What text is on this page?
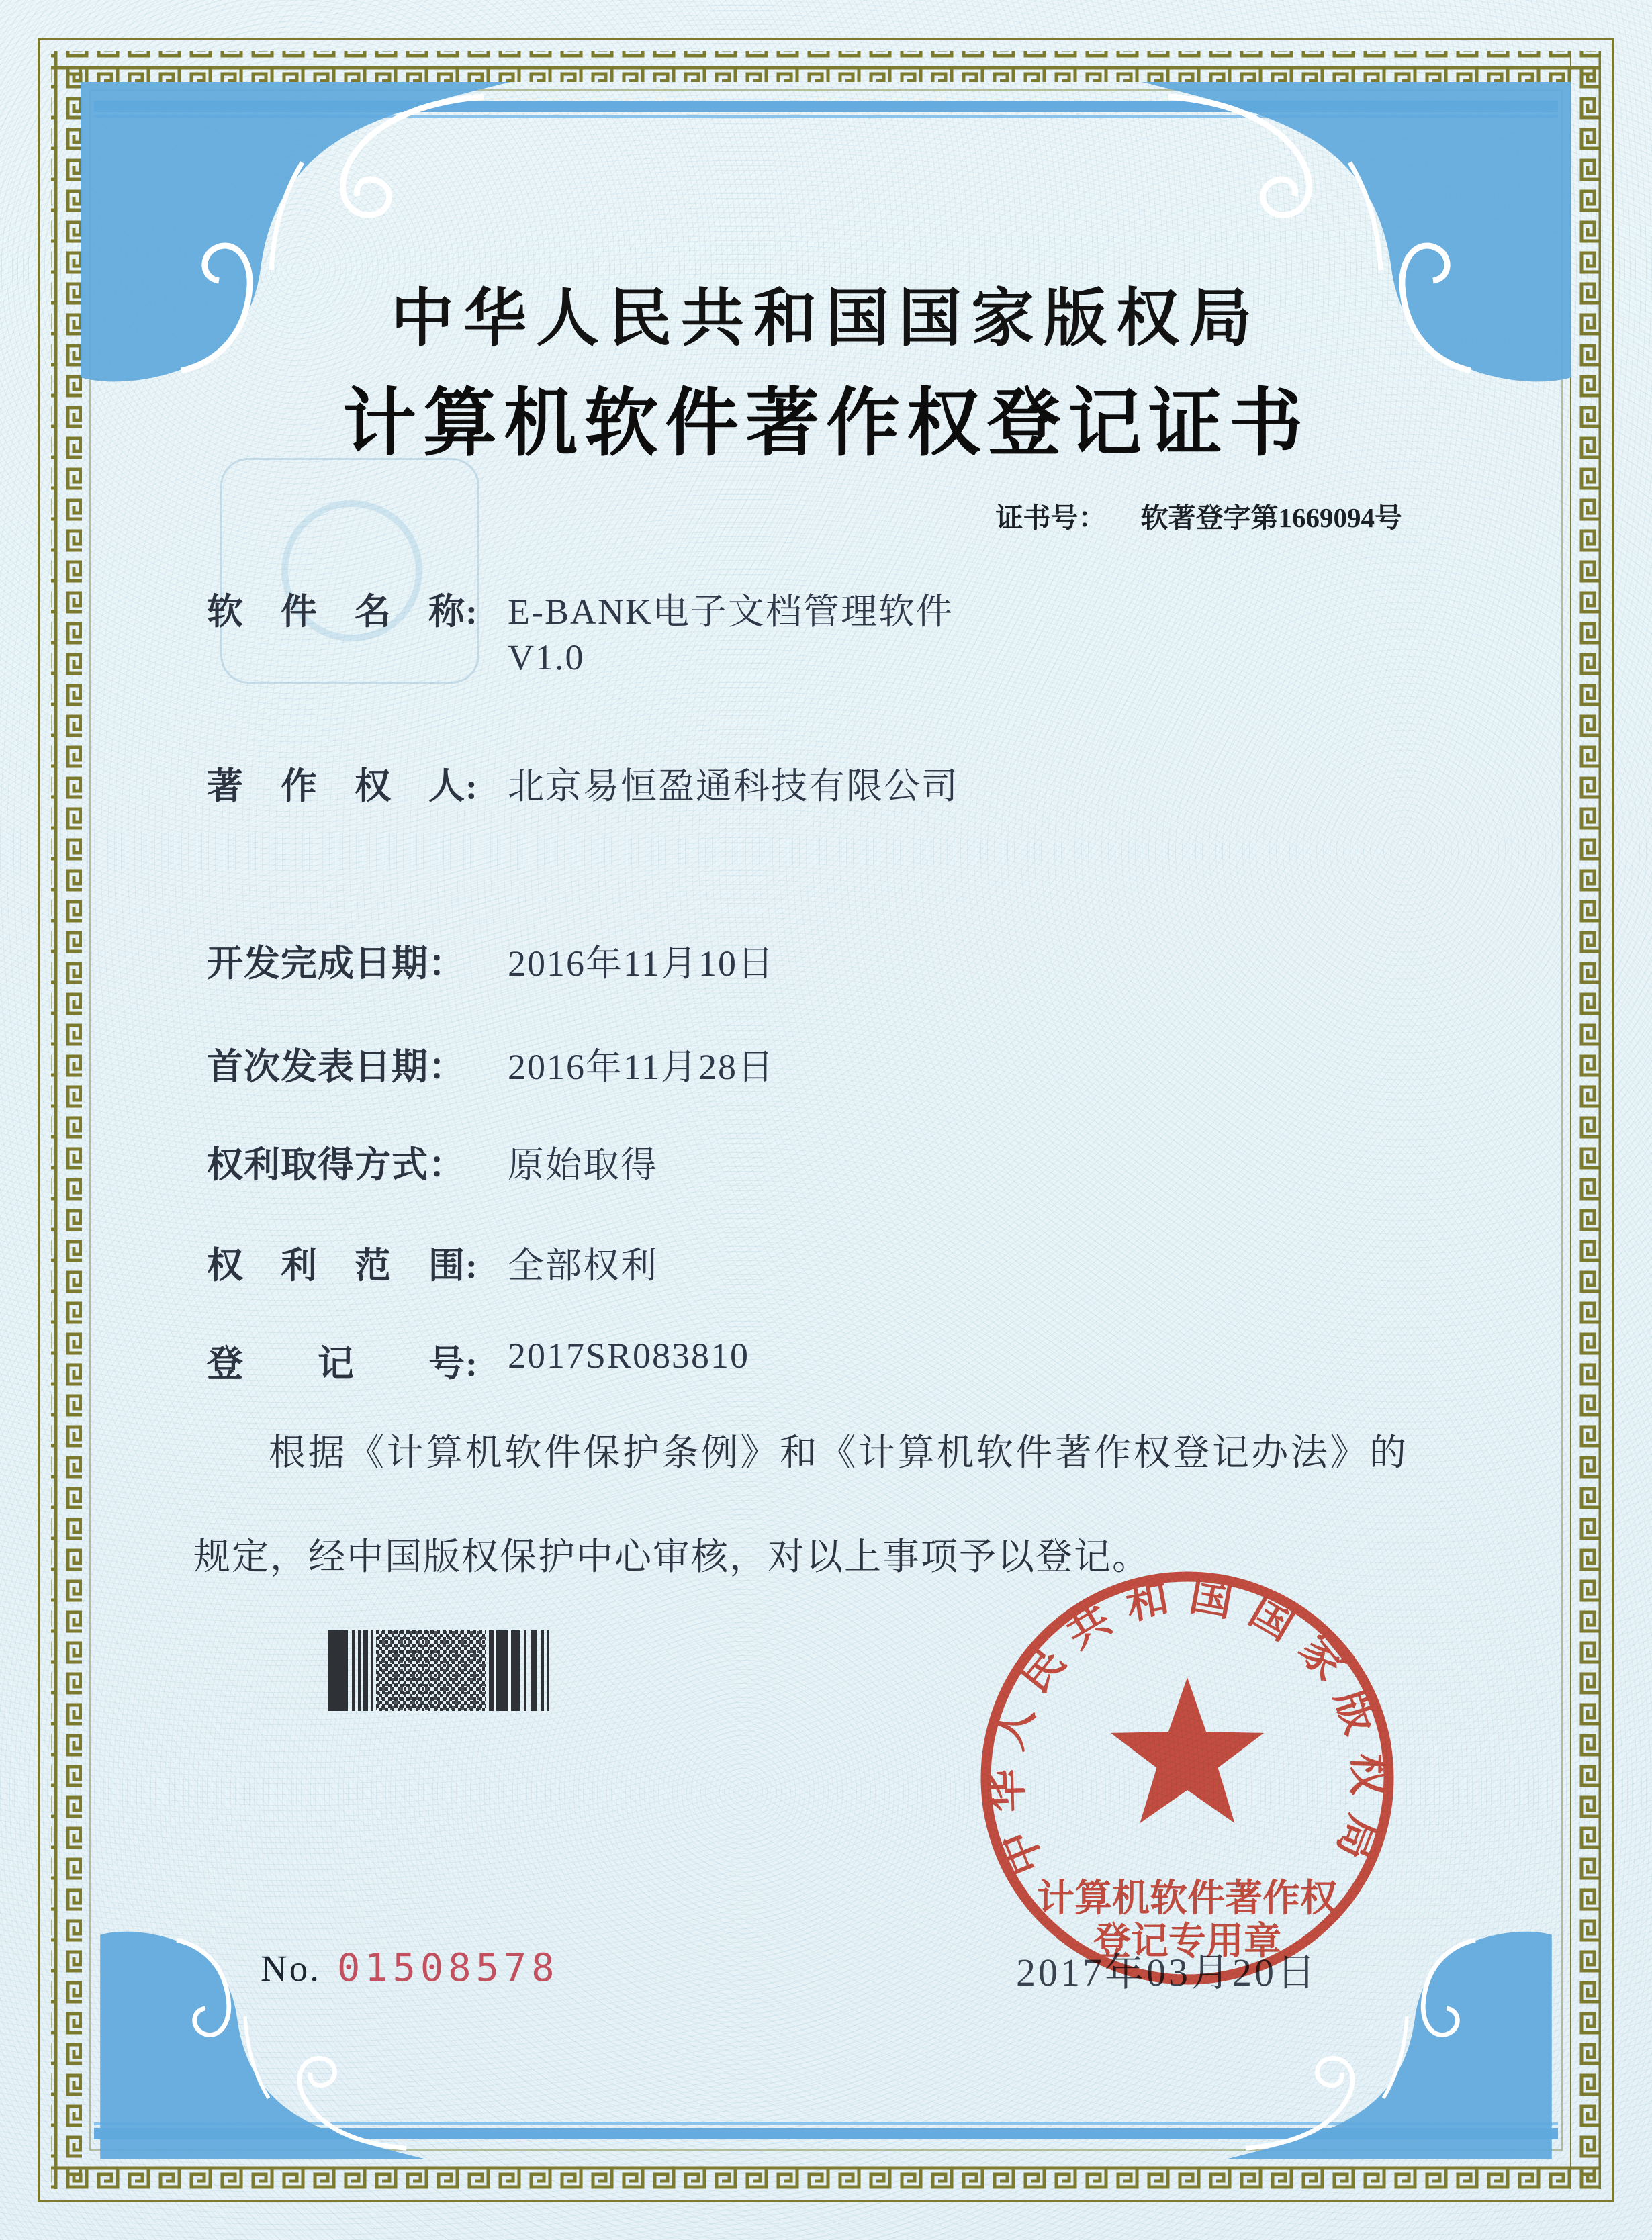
中华人民共和国国家版权局
计算机软件著作权登记证书
证书号： 软著登字第1669094号
软　件　名　称: E-BANK电子文档管理软件
V1.0
著　作　权　人: 北京易恒盈通科技有限公司
开发完成日期： 2016年11月10日
首次发表日期： 2016年11月28日
权利取得方式： 原始取得
权　利　范　围: 全部权利
登　　记　　号: 2017SR083810
根据《计算机软件保护条例》和《计算机软件著作权登记办法》的规定，经中国版权保护中心审核，对以上事项予以登记。
2017年03月20日
中华人民共和国国家版权局
计算机软件著作权
登记专用章
No. 01508578
